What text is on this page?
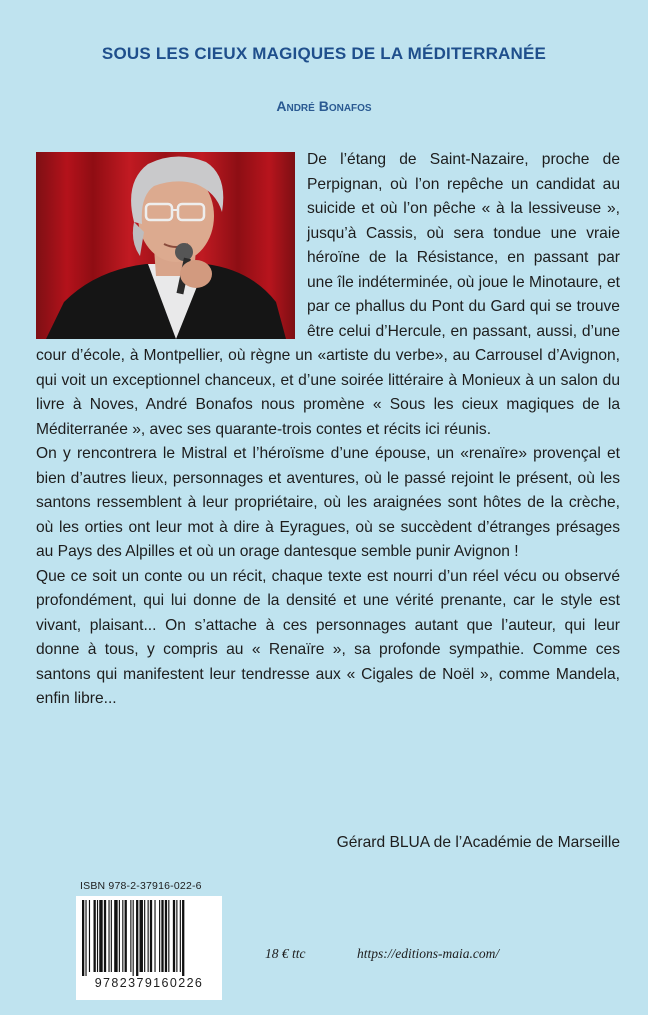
SOUS LES CIEUX MAGIQUES DE LA MÉDITERRANÉE
André Bonafos

De l’étang de Saint-Nazaire, proche de Perpignan, où l’on repêche un candidat au suicide et où l’on pêche « à la lessiveuse », jusqu’à Cassis, où sera tondue une vraie héroïne de la Résistance, en passant par une île indéterminée, où joue le Minotaure, et par ce phallus du Pont du Gard qui se trouve être celui d’Hercule, en passant, aussi, d’une cour d’école, à Montpellier, où règne un «artiste du verbe», au Carrousel d’Avignon, qui voit un exceptionnel chanceux, et d’une soirée littéraire à Monieux à un salon du livre à Noves, André Bonafos nous promène « Sous les cieux magiques de la Méditerranée », avec ses quarante-trois contes et récits ici réunis.

On y rencontrera le Mistral et l’héroïsme d’une épouse, un «renaïre» provençal et bien d’autres lieux, personnages et aventures, où le passé rejoint le présent, où les santons ressemblent à leur propriétaire, où les araignées sont hôtes de la crèche, où les orties ont leur mot à dire à Eyragues, où se succèdent d’étranges présages au Pays des Alpilles et où un orage dantesque semble punir Avignon !

Que ce soit un conte ou un récit, chaque texte est nourri d’un réel vécu ou observé profondément, qui lui donne de la densité et une vérité prenante, car le style est vivant, plaisant... On s’attache à ces personnages autant que l’auteur, qui leur donne à tous, y compris au « Renaïre », sa profonde sympathie. Comme ces santons qui manifestent leur tendresse aux « Cigales de Noël », comme Mandela, enfin libre...

Gérard BLUA de l’Académie de Marseille
ISBN 978-2-37916-022-6
9782379160226
18 € ttc	https://editions-maia.com/
